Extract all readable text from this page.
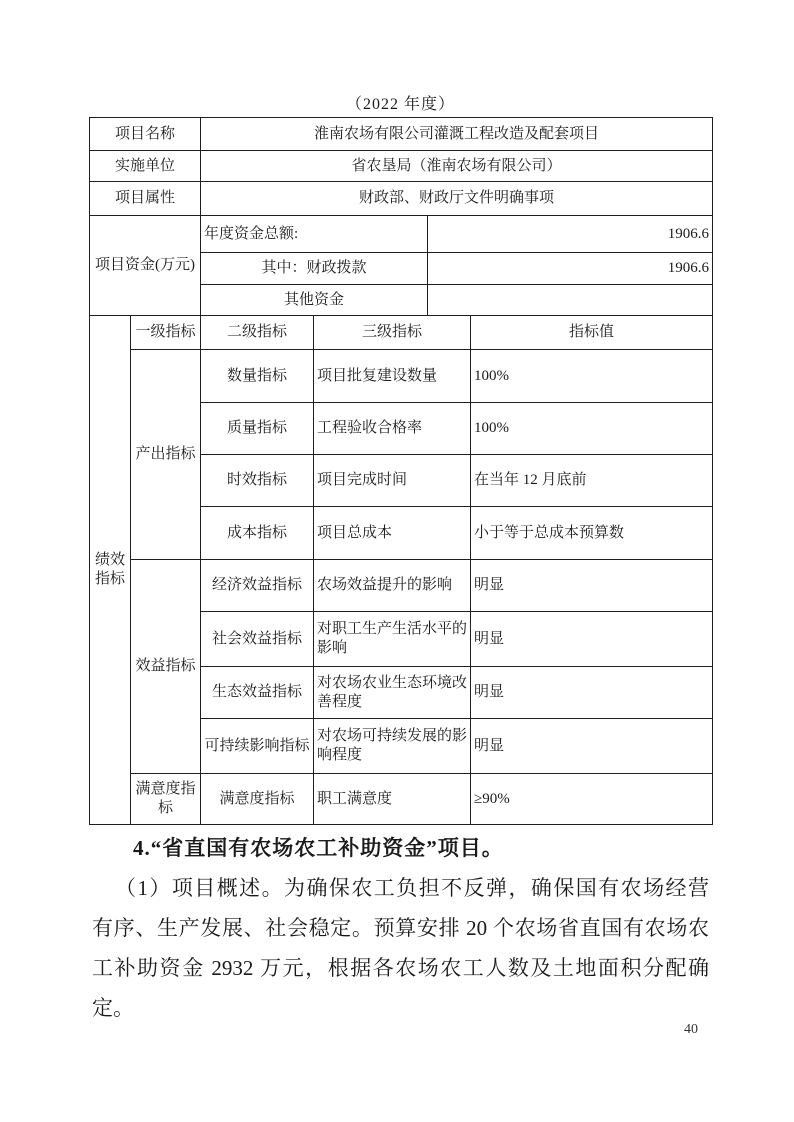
（2022 年度）
项目名称		淮南农场有限公司灌溉工程改造及配套项目			
实施单位		省农垦局（淮南农场有限公司）			
项目属性		财政部、财政厅文件明确事项			
项目资金(万元)		年度资金总额:		1906.6	
		其中：财政拨款		1906.6	
		其他资金			
绩效指标	一级指标	二级指标	三级指标		指标值
	产出指标	数量指标	项目批复建设数量		100%
		质量指标	工程验收合格率		100%
		时效指标	项目完成时间		在当年 12 月底前
		成本指标	项目总成本		小于等于总成本预算数
	效益指标	经济效益指标	农场效益提升的影响		明显
		社会效益指标	对职工生产生活水平的影响		明显
		生态效益指标	对农场农业生态环境改善程度		明显
		可持续影响指标	对农场可持续发展的影响程度		明显
	满意度指标	满意度指标	职工满意度		≥90%
4.“省直国有农场农工补助资金”项目。
（1）项目概述。为确保农工负担不反弹，确保国有农场经营
有序、生产发展、社会稳定。预算安排 20 个农场省直国有农场农
工补助资金 2932 万元，根据各农场农工人数及土地面积分配确
定。
40
